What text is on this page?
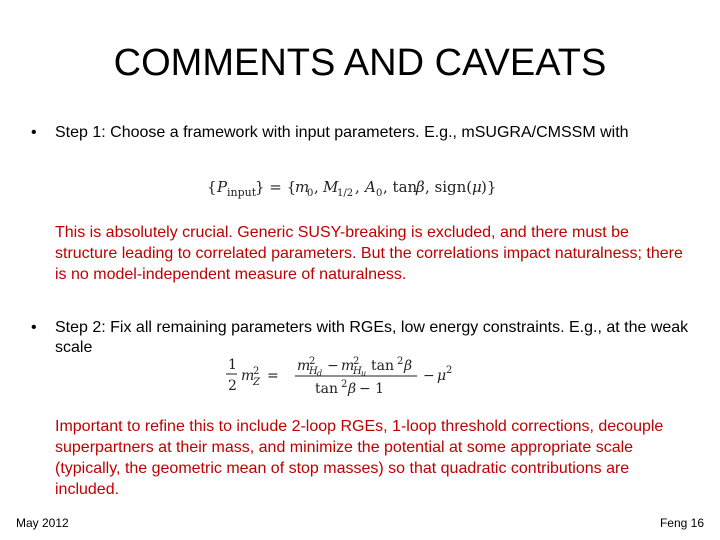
COMMENTS AND CAVEATS
• Step 1: Choose a framework with input parameters. E.g., mSUGRA/CMSSM with
{ P input
} = {
m
0 , M
1/2 , A 0 , tan
β , sign( μ )}
This is absolutely crucial. Generic SUSY-breaking is excluded, and there must be structure leading to correlated parameters. But the correlations impact naturalness; there is no model-independent measure of naturalness.
• Step 2: Fix all remaining parameters with RGEs, low energy constraints. E.g., at the weak scale
1
2
m
2
Z =
m
2
H d − m
2
H u tan 2 β
tan 2 β − 1
− μ 2
Important to refine this to include 2-loop RGEs, 1-loop threshold corrections, decouple superpartners at their mass, and minimize the potential at some appropriate scale (typically, the geometric mean of stop masses) so that quadratic contributions are included.
May 2012	Feng 16
